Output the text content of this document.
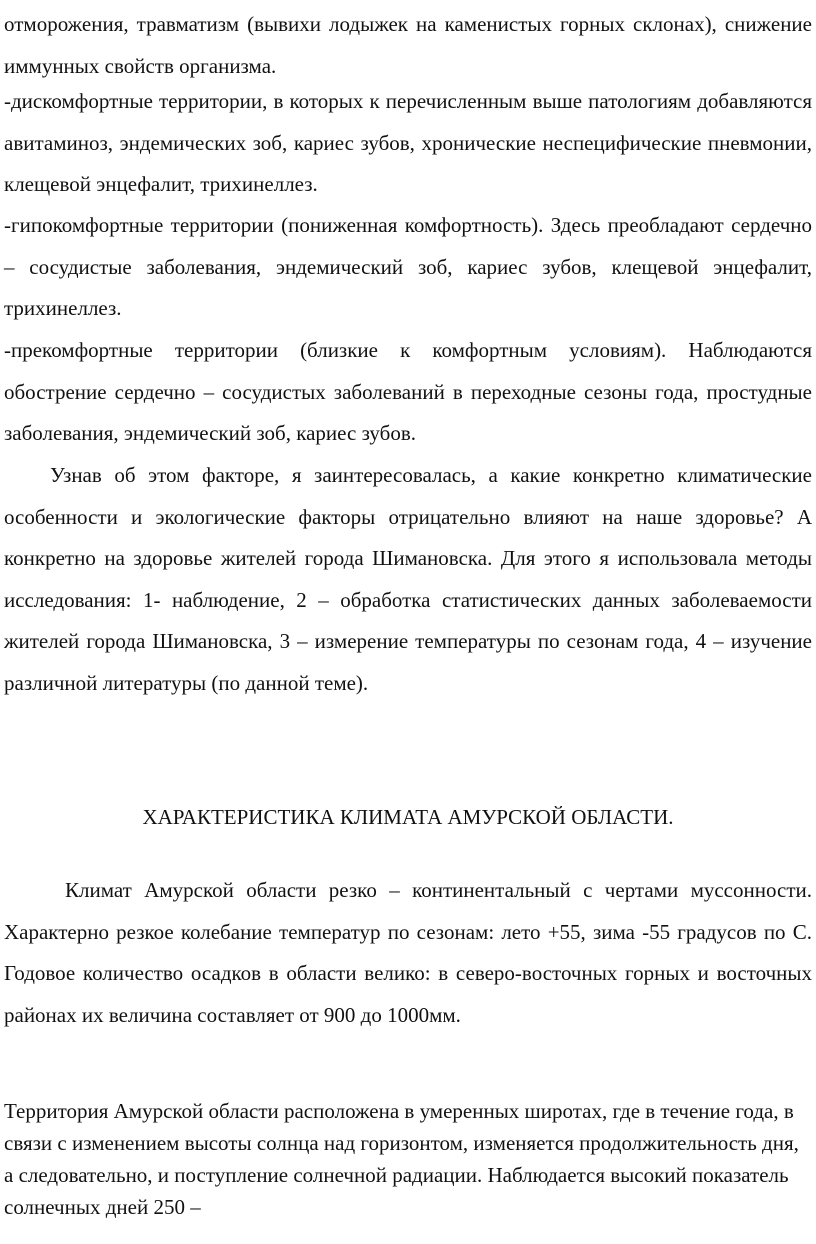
отморожения, травматизм (вывихи лодыжек на каменистых горных склонах), снижение иммунных свойств организма.

-дискомфортные территории, в которых к перечисленным выше патологиям добавляются авитаминоз, эндемических зоб, кариес зубов, хронические неспецифические пневмонии, клещевой энцефалит, трихинеллез.

-гипокомфортные территории (пониженная комфортность). Здесь преобладают сердечно – сосудистые заболевания, эндемический зоб, кариес зубов, клещевой энцефалит, трихинеллез.

-прекомфортные территории (близкие к комфортным условиям). Наблюдаются обострение сердечно – сосудистых заболеваний в переходные сезоны года, простудные заболевания, эндемический зоб, кариес зубов.

Узнав об этом факторе, я заинтересовалась, а какие конкретно климатические особенности и экологические факторы отрицательно влияют на наше здоровье? А конкретно на здоровье жителей города Шимановска. Для этого я использовала методы исследования: 1- наблюдение, 2 – обработка статистических данных заболеваемости жителей города Шимановска, 3 – измерение температуры по сезонам года, 4 – изучение различной литературы (по данной теме).

ХАРАКТЕРИСТИКА КЛИМАТА АМУРСКОЙ ОБЛАСТИ.

Климат Амурской области резко – континентальный с чертами муссонности. Характерно резкое колебание температур по сезонам: лето +55, зима -55 градусов по С. Годовое количество осадков в области велико: в северо-восточных горных и восточных районах их величина составляет от 900 до 1000мм.

Территория Амурской области расположена в умеренных широтах, где в течение года, в связи с изменением высоты солнца над горизонтом, изменяется продолжительность дня, а следовательно, и поступление солнечной радиации. Наблюдается высокий показатель солнечных дней 250 –
